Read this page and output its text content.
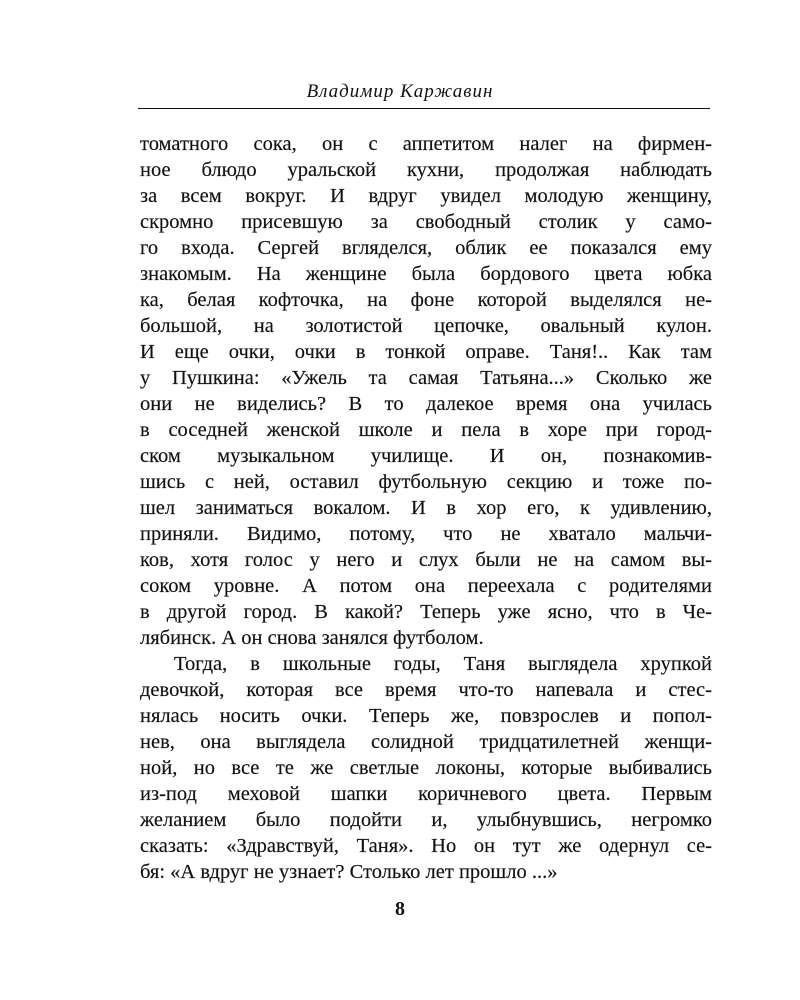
Владимир Каржавин
томатного сока, он с аппетитом налег на фирмен-
ное блюдо уральской кухни, продолжая наблюдать
за всем вокруг. И вдруг увидел молодую женщину,
скромно присевшую за свободный столик у само-
го входа. Сергей вгляделся, облик ее показался ему
знакомым. На женщине была бордового цвета юбка
ка, белая кофточка, на фоне которой выделялся не-
большой, на золотистой цепочке, овальный кулон.
И еще очки, очки в тонкой оправе. Таня!.. Как там
у Пушкина: «Ужель та самая Татьяна...» Сколько же
они не виделись? В то далекое время она училась
в соседней женской школе и пела в хоре при город-
ском музыкальном училище. И он, познакомив-
шись с ней, оставил футбольную секцию и тоже по-
шел заниматься вокалом. И в хор его, к удивлению,
приняли. Видимо, потому, что не хватало мальчи-
ков, хотя голос у него и слух были не на самом вы-
соком уровне. А потом она переехала с родителями
в другой город. В какой? Теперь уже ясно, что в Че-
лябинск. А он снова занялся футболом.
Тогда, в школьные годы, Таня выглядела хрупкой
девочкой, которая все время что-то напевала и стес-
нялась носить очки. Теперь же, повзрослев и попол-
нев, она выглядела солидной тридцатилетней женщи-
ной, но все те же светлые локоны, которые выбивались
из-под меховой шапки коричневого цвета. Первым
желанием было подойти и, улыбнувшись, негромко
сказать: «Здравствуй, Таня». Но он тут же одернул се-
бя: «А вдруг не узнает? Столько лет прошло ...»
8
